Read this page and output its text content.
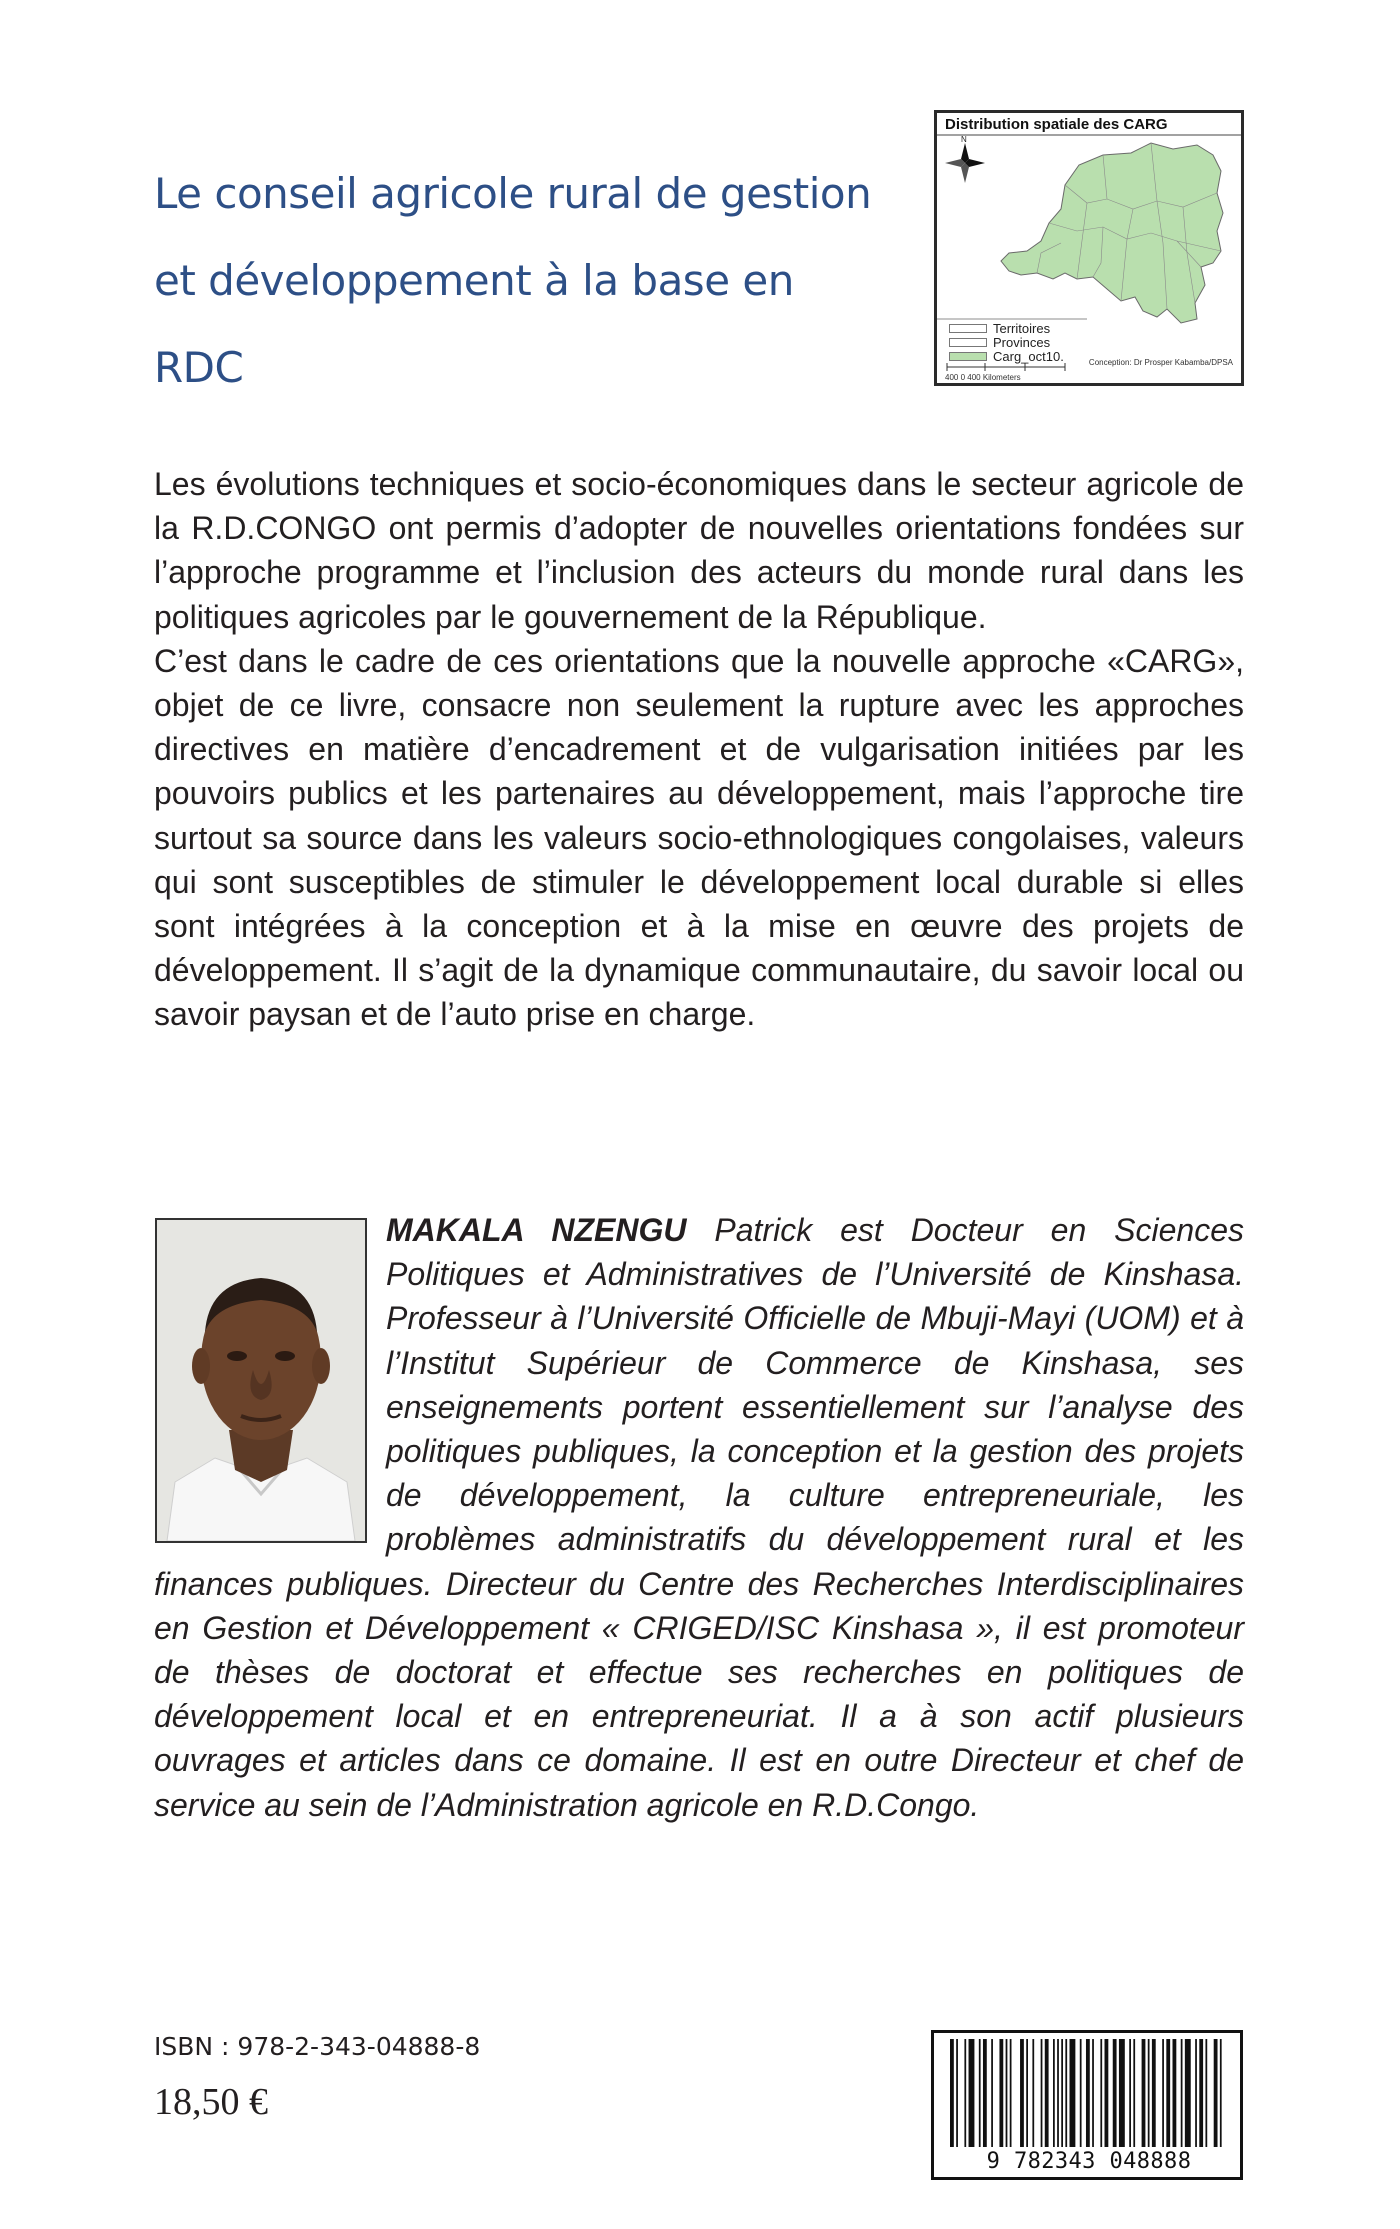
Le conseil agricole rural de gestion
et développement à la base en RDC
Distribution spatiale des CARG
N
Territoires
Provinces
Carg_oct10.	Conception: Dr Prosper Kabamba/DPSA
400 0 400 Kilometers

Les évolutions techniques et socio-économiques dans le secteur agricole de la R.D.CONGO ont permis d’adopter de nouvelles orientations fondées sur l’approche programme et l’inclusion des acteurs du monde rural dans les politiques agricoles par le gouvernement de la République.

C’est dans le cadre de ces orientations que la nouvelle approche «CARG», objet de ce livre, consacre non seulement la rupture avec les approches directives en matière d’encadrement et de vulgarisation initiées par les pouvoirs publics et les partenaires au développement, mais l’approche tire surtout sa source dans les valeurs socio-ethnologiques congolaises, valeurs qui sont susceptibles de stimuler le développement local durable si elles sont intégrées à la conception et à la mise en œuvre des projets de développement. Il s’agit de la dynamique communautaire, du savoir local ou savoir paysan et de l’auto prise en charge.

MAKALA NZENGU Patrick est Docteur en Sciences Politiques et Administratives de l’Université de Kinshasa. Professeur à l’Université Officielle de Mbuji-Mayi (UOM) et à l’Institut Supérieur de Commerce de Kinshasa, ses enseignements portent essentiellement sur l’analyse des politiques publiques, la conception et la gestion des projets de développement, la culture entrepreneuriale, les problèmes administratifs du développement rural et les finances publiques. Directeur du Centre des Recherches Interdisciplinaires en Gestion et Développement « CRIGED/ISC Kinshasa », il est promoteur de thèses de doctorat et effectue ses recherches en politiques de développement local et en entrepreneuriat. Il a à son actif plusieurs ouvrages et articles dans ce domaine. Il est en outre Directeur et chef de service au sein de l’Administration agricole en R.D.Congo.
ISBN : 978-2-343-04888-8
18,50 €
9 782343 048888
